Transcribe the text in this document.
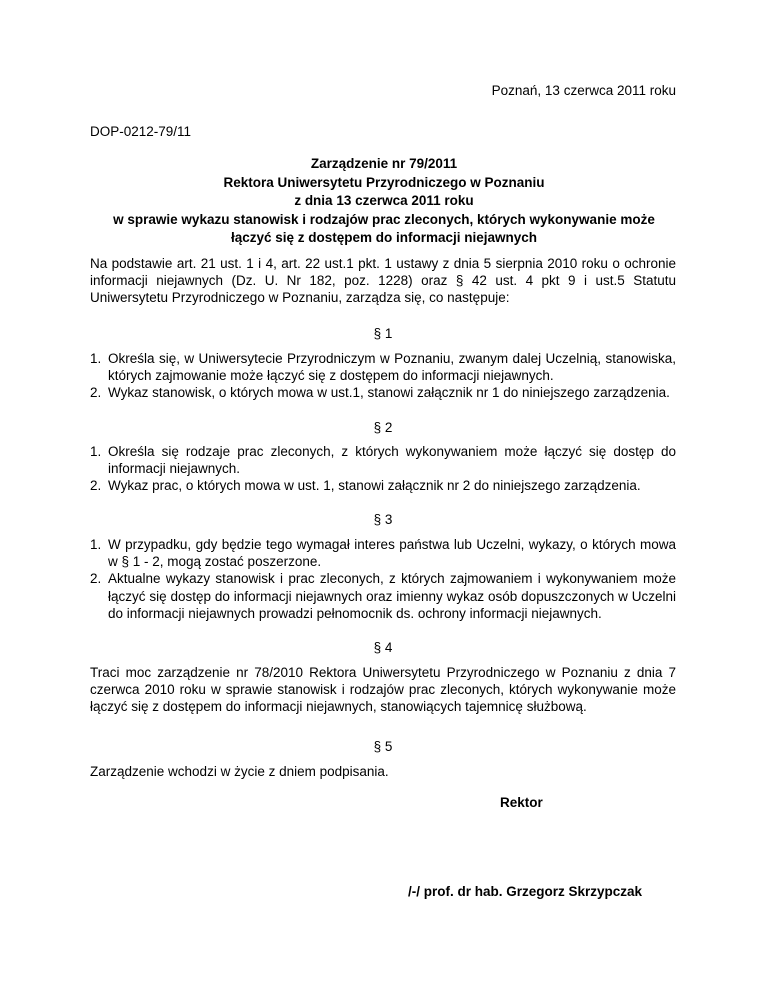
Poznań, 13 czerwca 2011 roku
DOP-0212-79/11
Zarządzenie nr 79/2011
Rektora Uniwersytetu Przyrodniczego w Poznaniu
z dnia 13 czerwca 2011 roku
w sprawie wykazu stanowisk i rodzajów prac zleconych, których wykonywanie może
łączyć się z dostępem do informacji niejawnych
Na podstawie art. 21 ust. 1 i 4, art. 22 ust.1 pkt. 1 ustawy z dnia 5 sierpnia 2010 roku o ochronie informacji niejawnych (Dz. U. Nr 182, poz. 1228) oraz § 42 ust. 4 pkt 9 i ust.5 Statutu Uniwersytetu Przyrodniczego w Poznaniu, zarządza się, co następuje:
§ 1
1. Określa się, w Uniwersytecie Przyrodniczym w Poznaniu, zwanym dalej Uczelnią, stanowiska, których zajmowanie może łączyć się z dostępem do informacji niejawnych.
2. Wykaz stanowisk, o których mowa w ust.1, stanowi załącznik nr 1 do niniejszego zarządzenia.
§ 2
1. Określa się rodzaje prac zleconych, z których wykonywaniem może łączyć się dostęp do informacji niejawnych.
2. Wykaz prac, o których mowa w ust. 1, stanowi załącznik nr 2 do niniejszego zarządzenia.
§ 3
1. W przypadku, gdy będzie tego wymagał interes państwa lub Uczelni, wykazy, o których mowa w § 1 - 2, mogą zostać poszerzone.
2. Aktualne wykazy stanowisk i prac zleconych, z których zajmowaniem i wykonywaniem może łączyć się dostęp do informacji niejawnych oraz imienny wykaz osób dopuszczonych w Uczelni do informacji niejawnych prowadzi pełnomocnik ds. ochrony informacji niejawnych.
§ 4
Traci moc zarządzenie nr 78/2010 Rektora Uniwersytetu Przyrodniczego w Poznaniu z dnia 7 czerwca 2010 roku w sprawie stanowisk i rodzajów prac zleconych, których wykonywanie może łączyć się z dostępem do informacji niejawnych, stanowiących tajemnicę służbową.
§ 5
Zarządzenie wchodzi w życie z dniem podpisania.
Rektor
/-/ prof. dr hab. Grzegorz Skrzypczak
